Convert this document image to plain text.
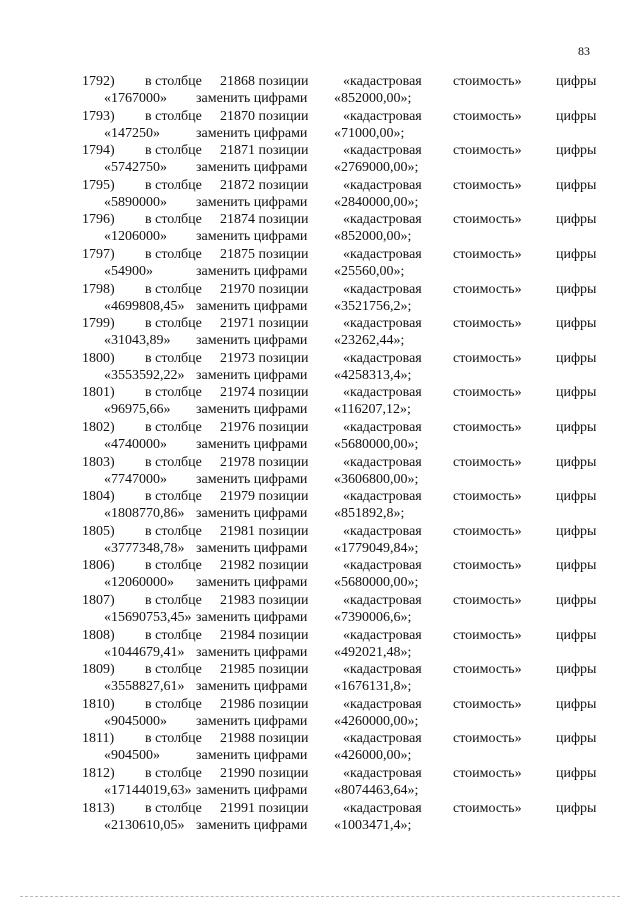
83
1792) в столбце 21868 позиции «кадастровая стоимость» цифры
«1767000» заменить цифрами «852000,00»;
1793) в столбце 21870 позиции «кадастровая стоимость» цифры
«147250»	заменить цифрами «71000,00»;
1794) в столбце 21871 позиции «кадастровая стоимость» цифры
«5742750» заменить цифрами «2769000,00»;
1795) в столбце 21872 позиции «кадастровая стоимость» цифры
«5890000» заменить цифрами «2840000,00»;
1796) в столбце 21874 позиции «кадастровая стоимость» цифры
«1206000» заменить цифрами «852000,00»;
1797) в столбце 21875 позиции «кадастровая стоимость» цифры
«54900»	заменить цифрами «25560,00»;
1798) в столбце 21970 позиции «кадастровая стоимость» цифры
«4699808,45» заменить цифрами «3521756,2»;
1799) в столбце 21971 позиции «кадастровая стоимость» цифры
«31043,89» заменить цифрами «23262,44»;
1800) в столбце 21973 позиции «кадастровая стоимость» цифры
«3553592,22» заменить цифрами «4258313,4»;
1801) в столбце 21974 позиции «кадастровая стоимость» цифры
«96975,66» заменить цифрами «116207,12»;
1802) в столбце 21976 позиции «кадастровая стоимость» цифры
«4740000» заменить цифрами «5680000,00»;
1803) в столбце 21978 позиции «кадастровая стоимость» цифры
«7747000» заменить цифрами «3606800,00»;
1804) в столбце 21979 позиции «кадастровая стоимость» цифры
«1808770,86» заменить цифрами «851892,8»;
1805) в столбце 21981 позиции «кадастровая стоимость» цифры
«3777348,78» заменить цифрами «1779049,84»;
1806) в столбце 21982 позиции «кадастровая стоимость» цифры
«12060000» заменить цифрами «5680000,00»;
1807) в столбце 21983 позиции «кадастровая стоимость» цифры
«15690753,45» заменить цифрами «7390006,6»;
1808) в столбце 21984 позиции «кадастровая стоимость» цифры
«1044679,41» заменить цифрами «492021,48»;
1809) в столбце 21985 позиции «кадастровая стоимость» цифры
«3558827,61» заменить цифрами «1676131,8»;
1810) в столбце 21986 позиции «кадастровая стоимость» цифры
«9045000» заменить цифрами «4260000,00»;
1811) в столбце 21988 позиции «кадастровая стоимость» цифры
«904500»	заменить цифрами «426000,00»;
1812) в столбце 21990 позиции «кадастровая стоимость» цифры
«17144019,63» заменить цифрами «8074463,64»;
1813) в столбце 21991 позиции «кадастровая стоимость» цифры
«2130610,05» заменить цифрами «1003471,4»;
